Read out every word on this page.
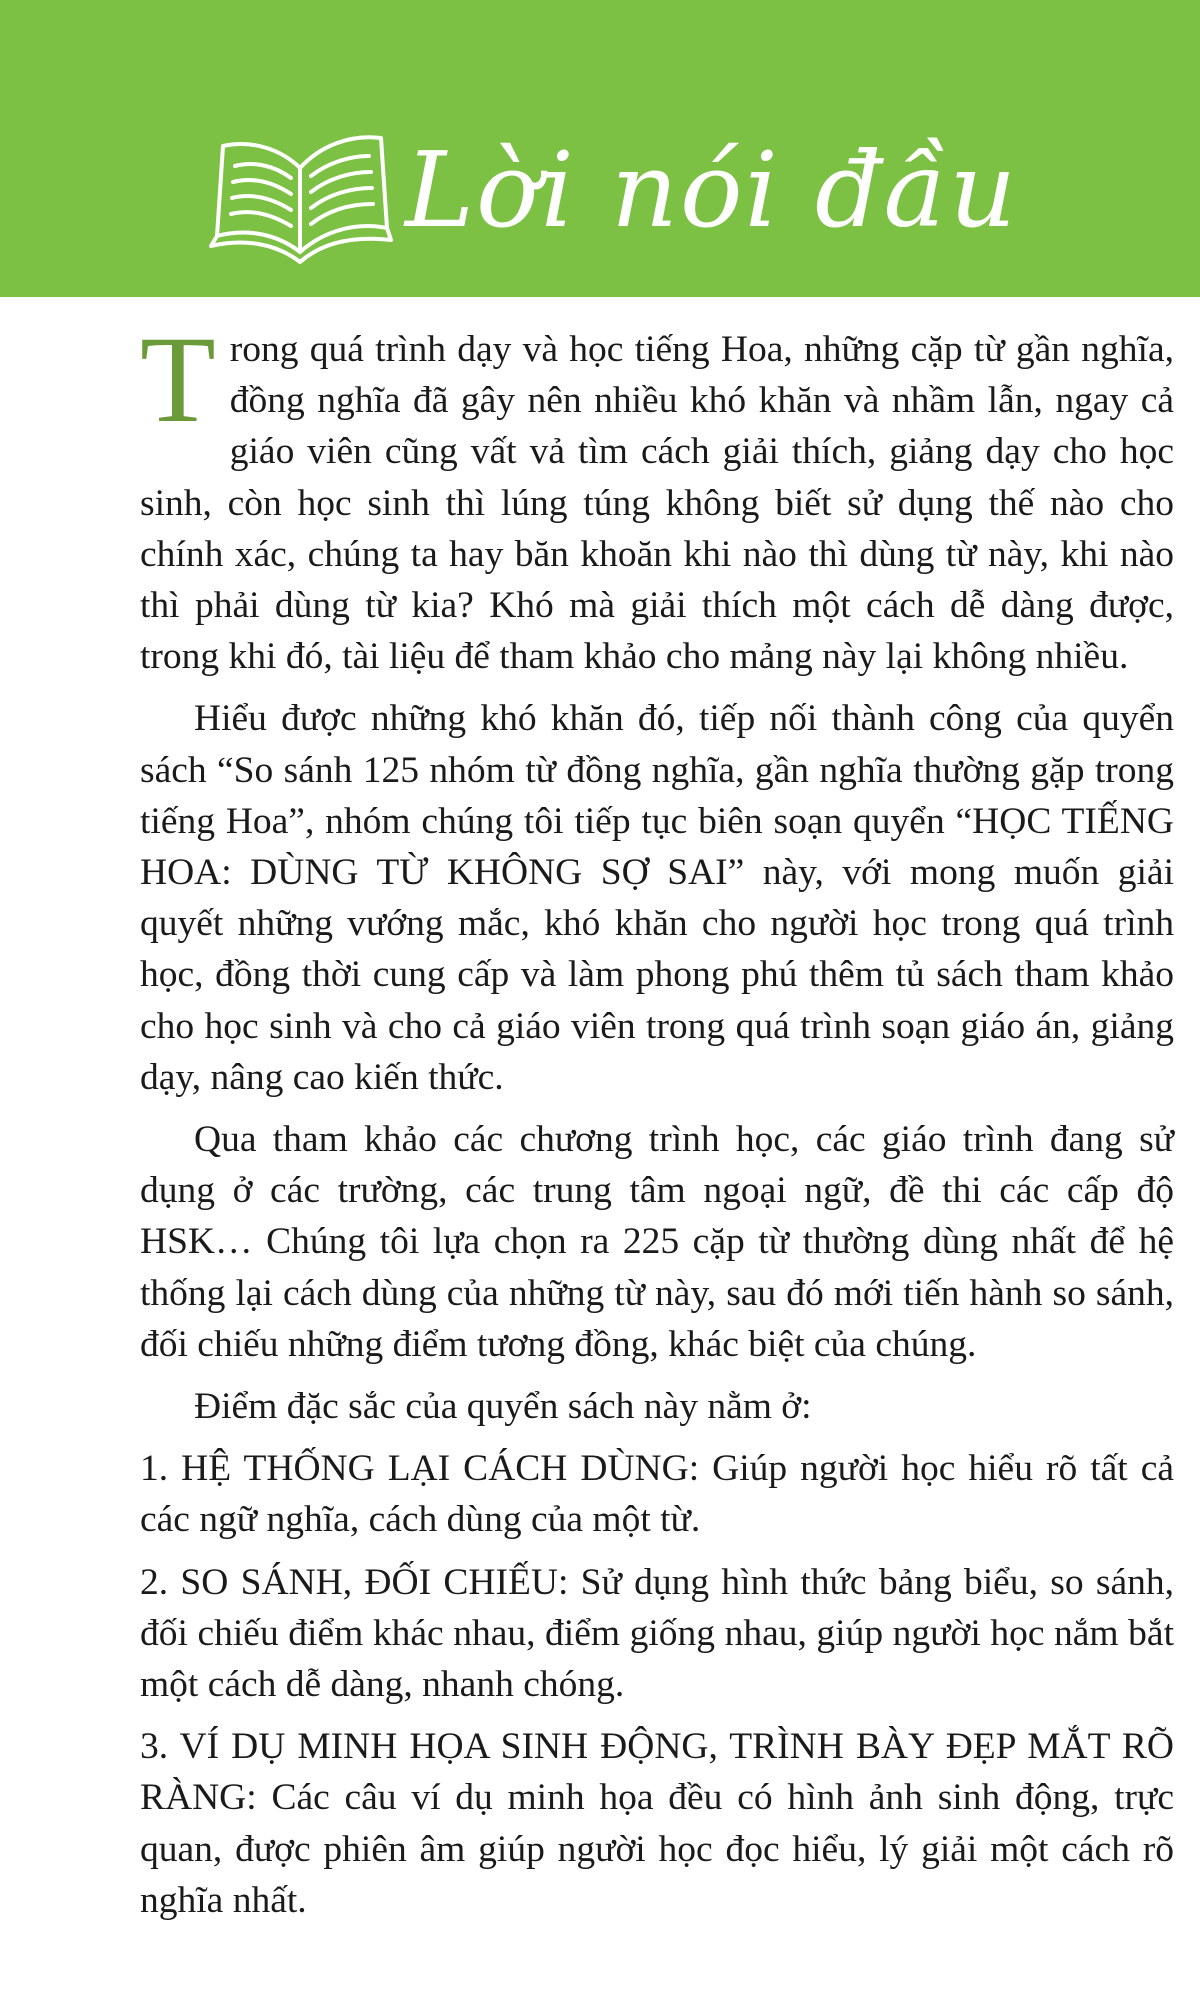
Lời nói đầu

Trong quá trình dạy và học tiếng Hoa, những cặp từ gần nghĩa, đồng nghĩa đã gây nên nhiều khó khăn và nhầm lẫn, ngay cả giáo viên cũng vất vả tìm cách giải thích, giảng dạy cho học sinh, còn học sinh thì lúng túng không biết sử dụng thế nào cho chính xác, chúng ta hay băn khoăn khi nào thì dùng từ này, khi nào thì phải dùng từ kia? Khó mà giải thích một cách dễ dàng được, trong khi đó, tài liệu để tham khảo cho mảng này lại không nhiều.

Hiểu được những khó khăn đó, tiếp nối thành công của quyển sách “So sánh 125 nhóm từ đồng nghĩa, gần nghĩa thường gặp trong tiếng Hoa”, nhóm chúng tôi tiếp tục biên soạn quyển “HỌC TIẾNG HOA: DÙNG TỪ KHÔNG SỢ SAI” này, với mong muốn giải quyết những vướng mắc, khó khăn cho người học trong quá trình học, đồng thời cung cấp và làm phong phú thêm tủ sách tham khảo cho học sinh và cho cả giáo viên trong quá trình soạn giáo án, giảng dạy, nâng cao kiến thức.

Qua tham khảo các chương trình học, các giáo trình đang sử dụng ở các trường, các trung tâm ngoại ngữ, đề thi các cấp độ HSK… Chúng tôi lựa chọn ra 225 cặp từ thường dùng nhất để hệ thống lại cách dùng của những từ này, sau đó mới tiến hành so sánh, đối chiếu những điểm tương đồng, khác biệt của chúng.

Điểm đặc sắc của quyển sách này nằm ở:

1. HỆ THỐNG LẠI CÁCH DÙNG: Giúp người học hiểu rõ tất cả các ngữ nghĩa, cách dùng của một từ.
2. SO SÁNH, ĐỐI CHIẾU: Sử dụng hình thức bảng biểu, so sánh, đối chiếu điểm khác nhau, điểm giống nhau, giúp người học nắm bắt một cách dễ dàng, nhanh chóng.
3. VÍ DỤ MINH HỌA SINH ĐỘNG, TRÌNH BÀY ĐẸP MẮT RÕ RÀNG: Các câu ví dụ minh họa đều có hình ảnh sinh động, trực quan, được phiên âm giúp người học đọc hiểu, lý giải một cách rõ nghĩa nhất.
